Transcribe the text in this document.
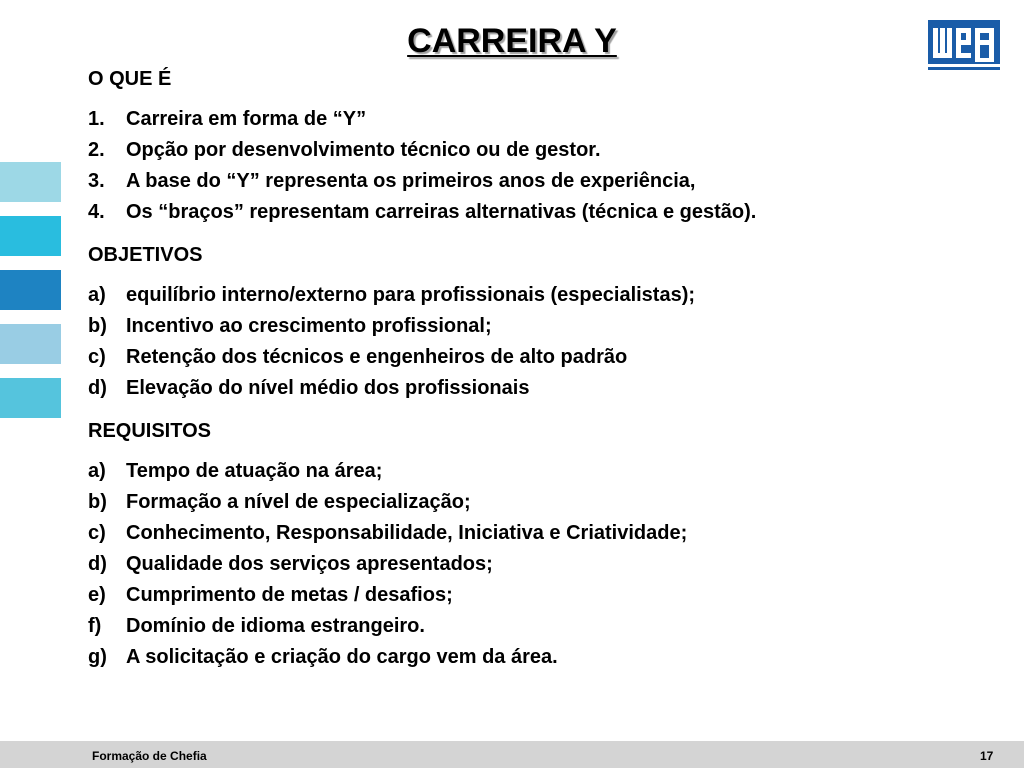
CARREIRA Y
O QUE É
1. Carreira em forma de “Y”
2. Opção por desenvolvimento técnico ou de gestor.
3. A base do “Y” representa os primeiros anos de experiência,
4. Os “braços” representam carreiras alternativas (técnica e gestão).
OBJETIVOS
a) equilíbrio interno/externo para profissionais (especialistas);
b) Incentivo ao crescimento profissional;
c) Retenção dos técnicos e engenheiros de alto padrão
d) Elevação do nível médio dos profissionais
REQUISITOS
a) Tempo de atuação na área;
b) Formação a nível de especialização;
c) Conhecimento, Responsabilidade, Iniciativa e Criatividade;
d) Qualidade dos serviços apresentados;
e) Cumprimento de metas / desafios;
f) Domínio de idioma estrangeiro.
g) A solicitação e criação do cargo vem da área.
Formação de Chefia	17
